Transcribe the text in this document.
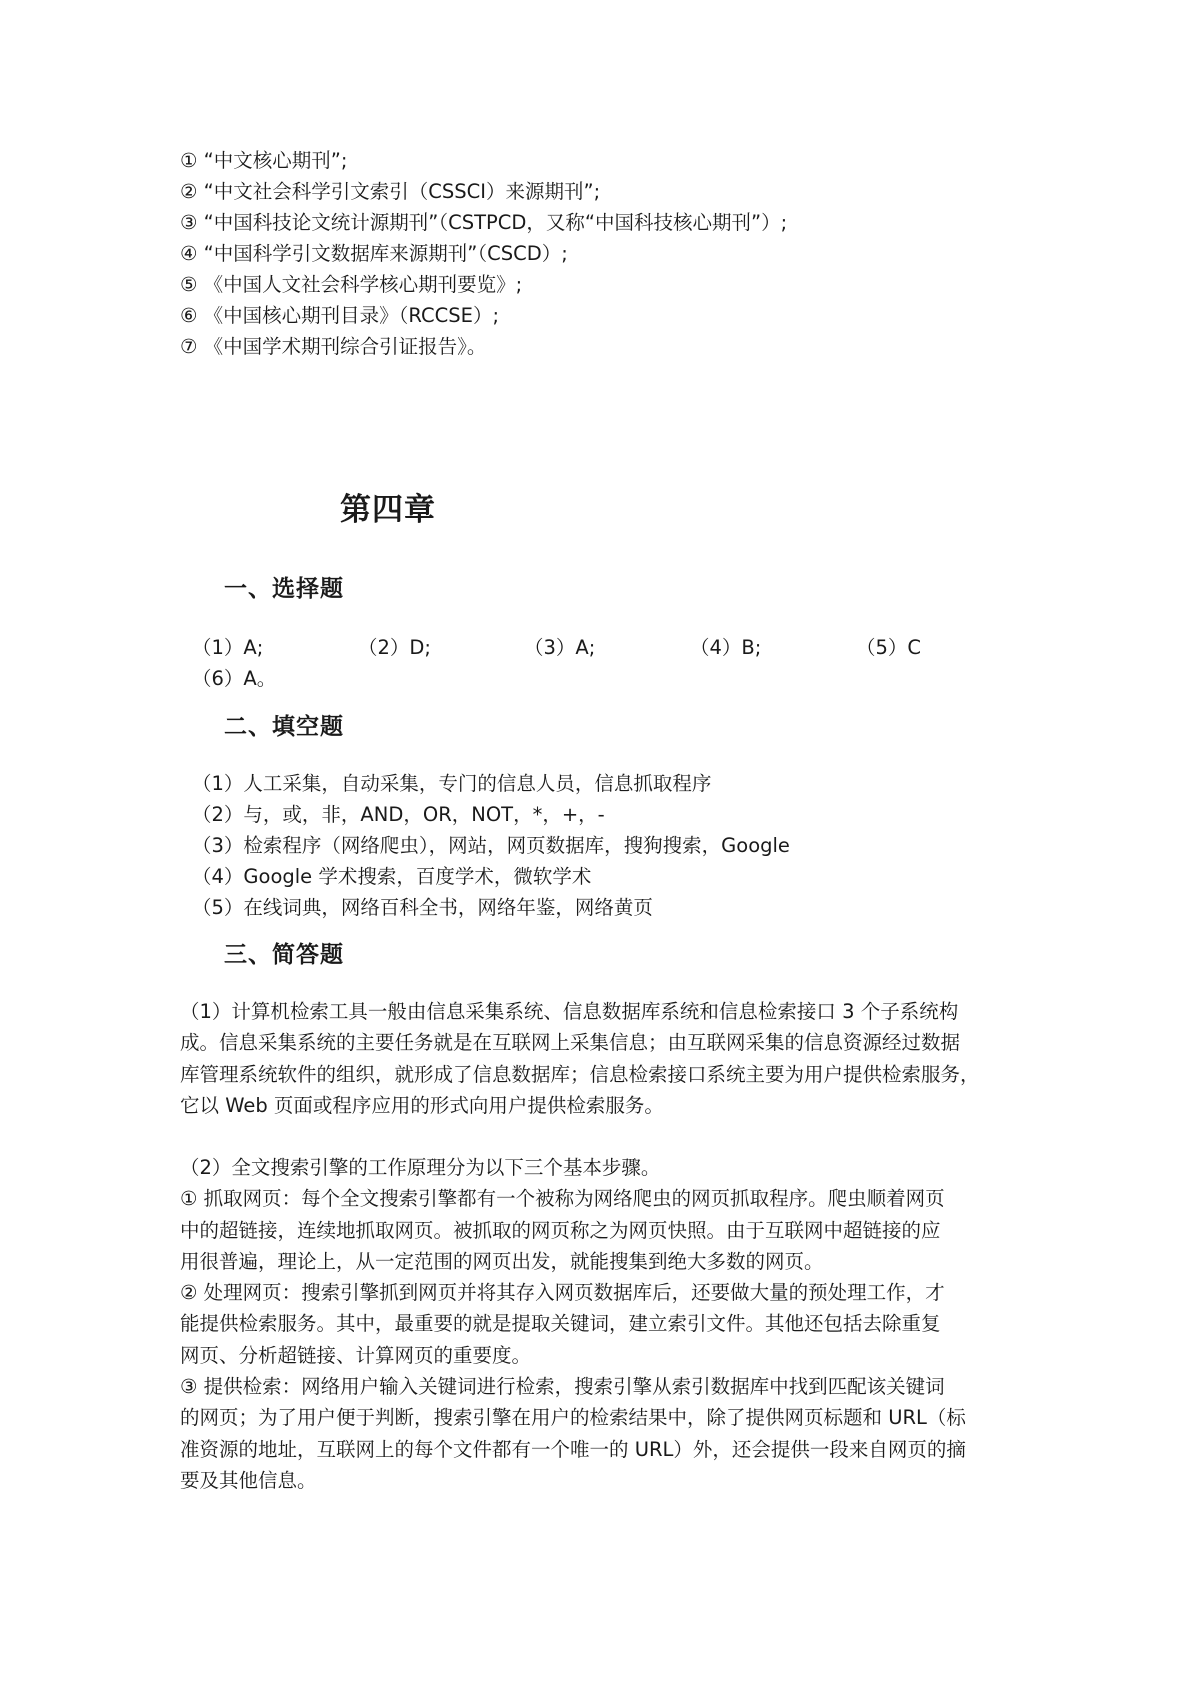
① “中文核心期刊”;
② “中文社会科学引文索引（CSSCI）来源期刊”;
③ “中国科技论文统计源期刊”（CSTPCD，又称“中国科技核心期刊”）;
④ “中国科学引文数据库来源期刊”（CSCD）;
⑤ 《中国人文社会科学核心期刊要览》;
⑥ 《中国核心期刊目录》（RCCSE）;
⑦ 《中国学术期刊综合引证报告》。
第四章
一、选择题
（1）A;	（2）D;	（3）A;	（4）B;	（5）C
（6）A。
二、填空题
（1）人工采集，自动采集，专门的信息人员，信息抓取程序
（2）与，或，非，AND，OR，NOT，*，+，-
（3）检索程序（网络爬虫），网站，网页数据库，搜狗搜索，Google
（4）Google 学术搜索，百度学术，微软学术
（5）在线词典，网络百科全书，网络年鉴，网络黄页
三、简答题
（1）计算机检索工具一般由信息采集系统、信息数据库系统和信息检索接口 3 个子系统构
成。信息采集系统的主要任务就是在互联网上采集信息；由互联网采集的信息资源经过数据
库管理系统软件的组织，就形成了信息数据库；信息检索接口系统主要为用户提供检索服务，
它以 Web 页面或程序应用的形式向用户提供检索服务。
（2）全文搜索引擎的工作原理分为以下三个基本步骤。
① 抓取网页：每个全文搜索引擎都有一个被称为网络爬虫的网页抓取程序。爬虫顺着网页
中的超链接，连续地抓取网页。被抓取的网页称之为网页快照。由于互联网中超链接的应
用很普遍，理论上，从一定范围的网页出发，就能搜集到绝大多数的网页。
② 处理网页：搜索引擎抓到网页并将其存入网页数据库后，还要做大量的预处理工作，才
能提供检索服务。其中，最重要的就是提取关键词，建立索引文件。其他还包括去除重复
网页、分析超链接、计算网页的重要度。
③ 提供检索：网络用户输入关键词进行检索，搜索引擎从索引数据库中找到匹配该关键词
的网页；为了用户便于判断，搜索引擎在用户的检索结果中，除了提供网页标题和 URL（标
准资源的地址，互联网上的每个文件都有一个唯一的 URL）外，还会提供一段来自网页的摘
要及其他信息。
